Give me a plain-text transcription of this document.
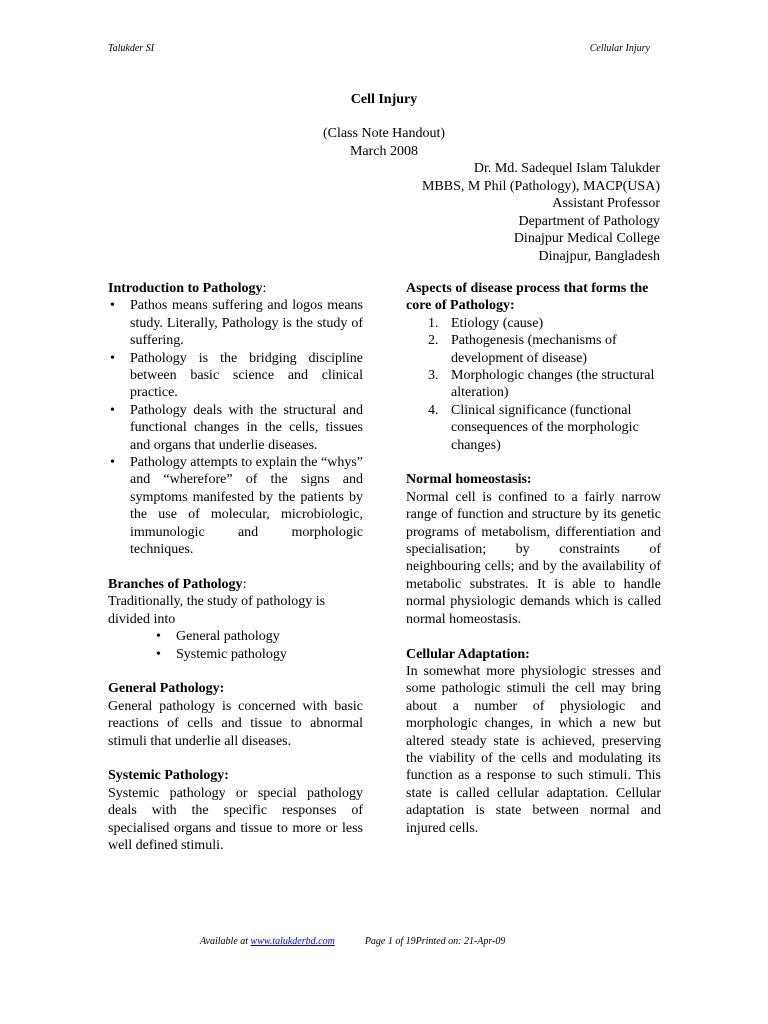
Talukder SI	Cellular Injury
Cell Injury
(Class Note Handout)
March 2008
Dr. Md. Sadequel Islam Talukder
MBBS, M Phil (Pathology), MACP(USA)
Assistant Professor
Department of Pathology
Dinajpur Medical College
Dinajpur, Bangladesh
Introduction to Pathology:
• Pathos means suffering and logos means study. Literally, Pathology is the study of suffering.
• Pathology is the bridging discipline between basic science and clinical practice.
• Pathology deals with the structural and functional changes in the cells, tissues and organs that underlie diseases.
• Pathology attempts to explain the “whys” and “wherefore” of the signs and symptoms manifested by the patients by the use of molecular, microbiologic, immunologic and morphologic techniques.
Branches of Pathology:

Traditionally, the study of pathology is divided into

• General pathology
• Systemic pathology
General Pathology:

General pathology is concerned with basic reactions of cells and tissue to abnormal stimuli that underlie all diseases.

Systemic Pathology:

Systemic pathology or special pathology deals with the specific responses of specialised organs and tissue to more or less well defined stimuli.

Aspects of disease process that forms the core of Pathology:
1. Etiology (cause)
2. Pathogenesis (mechanisms of development of disease)
3. Morphologic changes (the structural alteration)
4. Clinical significance (functional consequences of the morphologic changes)
Normal homeostasis:

Normal cell is confined to a fairly narrow range of function and structure by its genetic programs of metabolism, differentiation and specialisation; by constraints of neighbouring cells; and by the availability of metabolic substrates. It is able to handle normal physiologic demands which is called normal homeostasis.

Cellular Adaptation:

In somewhat more physiologic stresses and some pathologic stimuli the cell may bring about a number of physiologic and morphologic changes, in which a new but altered steady state is achieved, preserving the viability of the cells and modulating its function as a response to such stimuli. This state is called cellular adaptation. Cellular adaptation is state between normal and injured cells.

Available at www.talukderbd.com	Page 1 of 19Printed on: 21-Apr-09
